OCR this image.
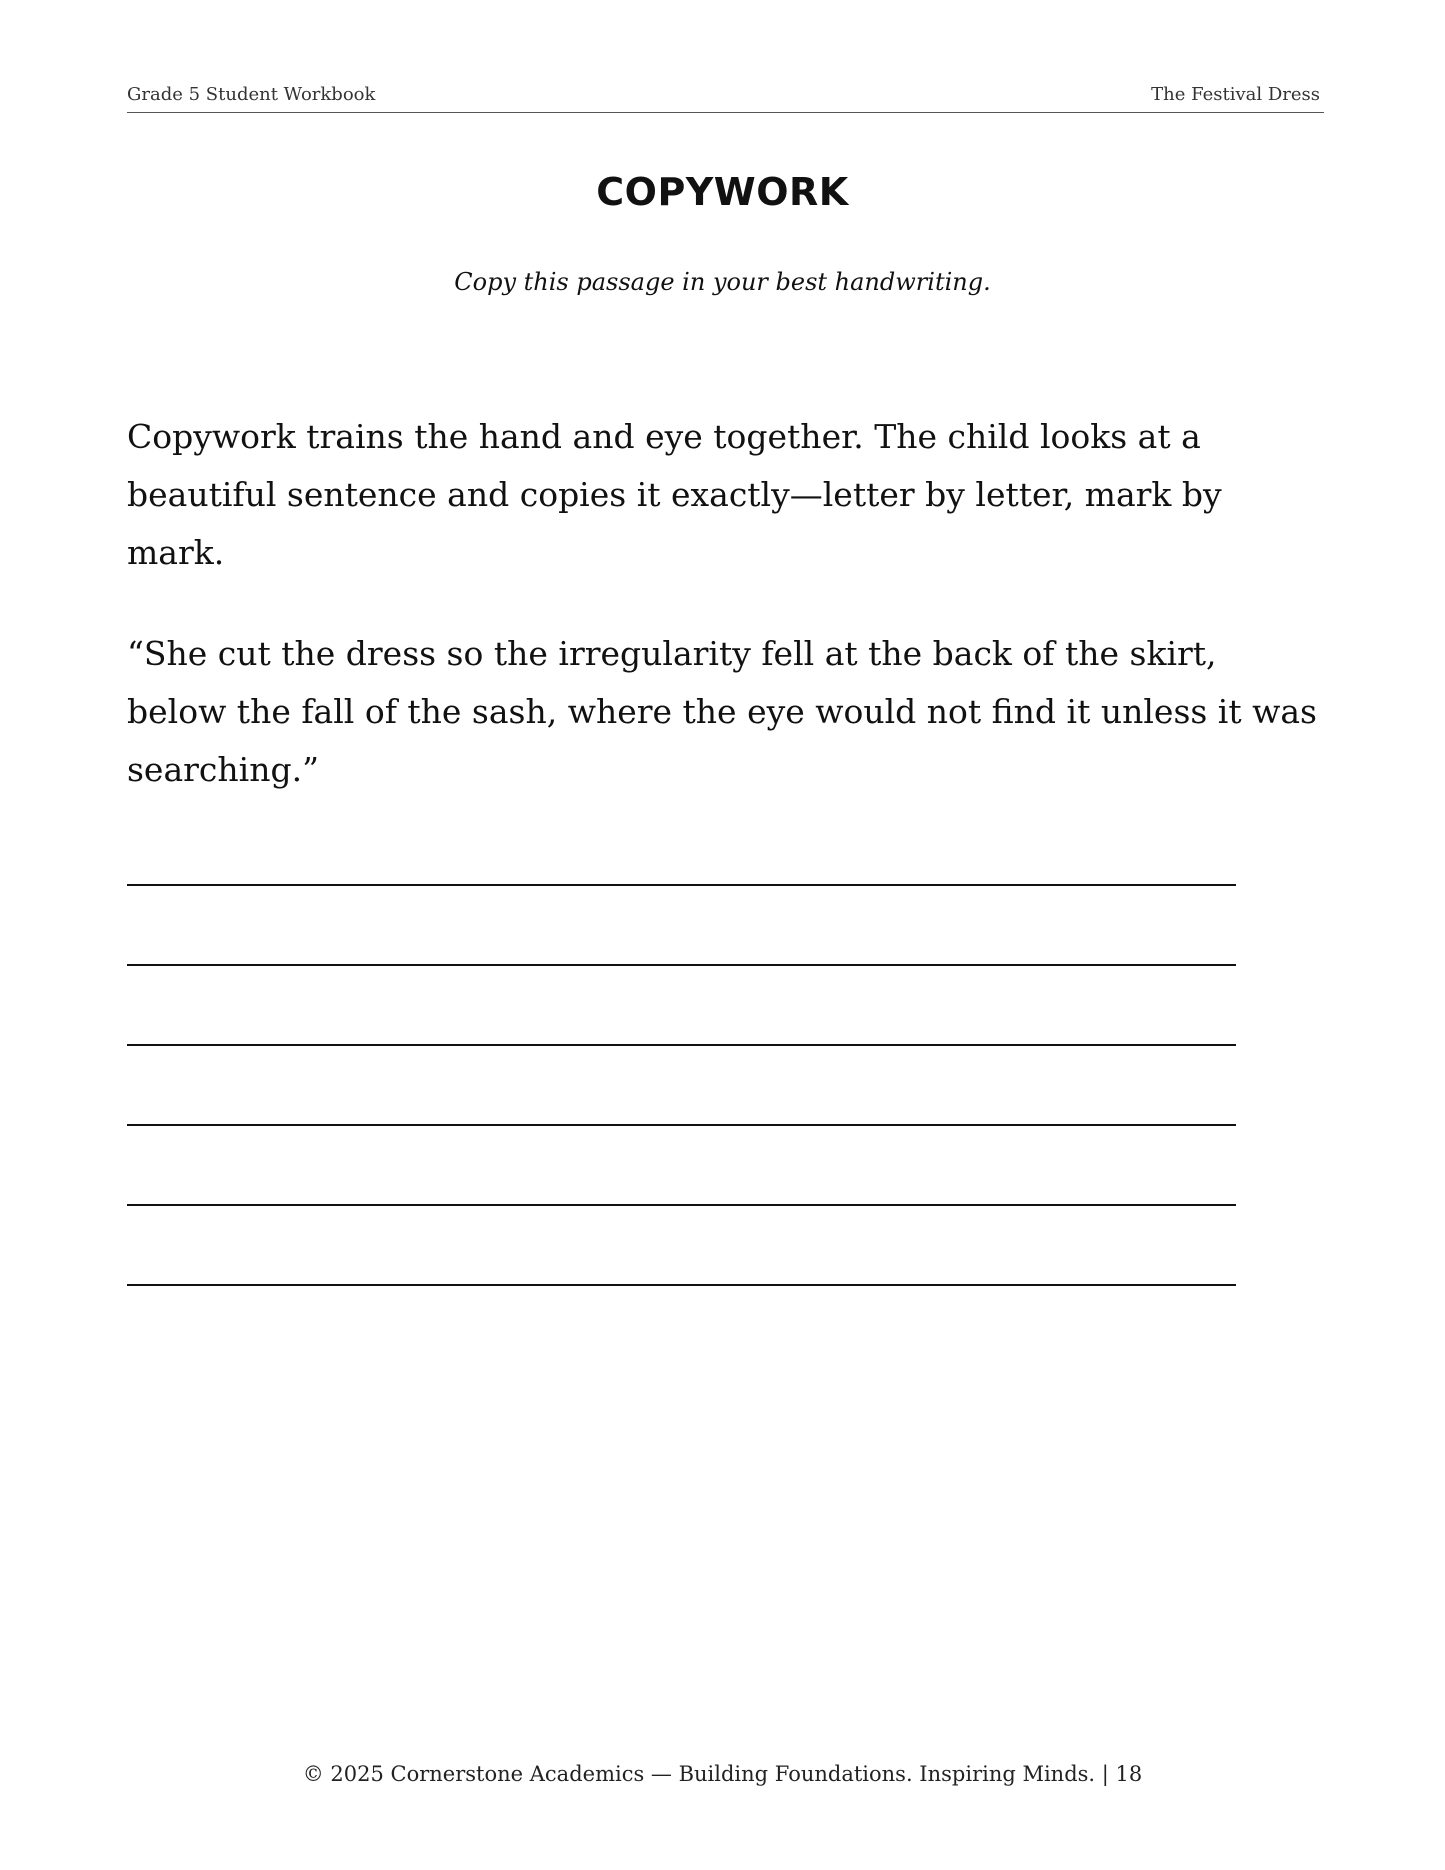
Grade 5 Student Workbook	The Festival Dress
COPYWORK
Copy this passage in your best handwriting.
Copywork trains the hand and eye together. The child looks at a beautiful sentence and copies it exactly—letter by letter, mark by mark.
“She cut the dress so the irregularity fell at the back of the skirt, below the fall of the sash, where the eye would not find it unless it was searching.”
© 2025 Cornerstone Academics — Building Foundations. Inspiring Minds. | 18
